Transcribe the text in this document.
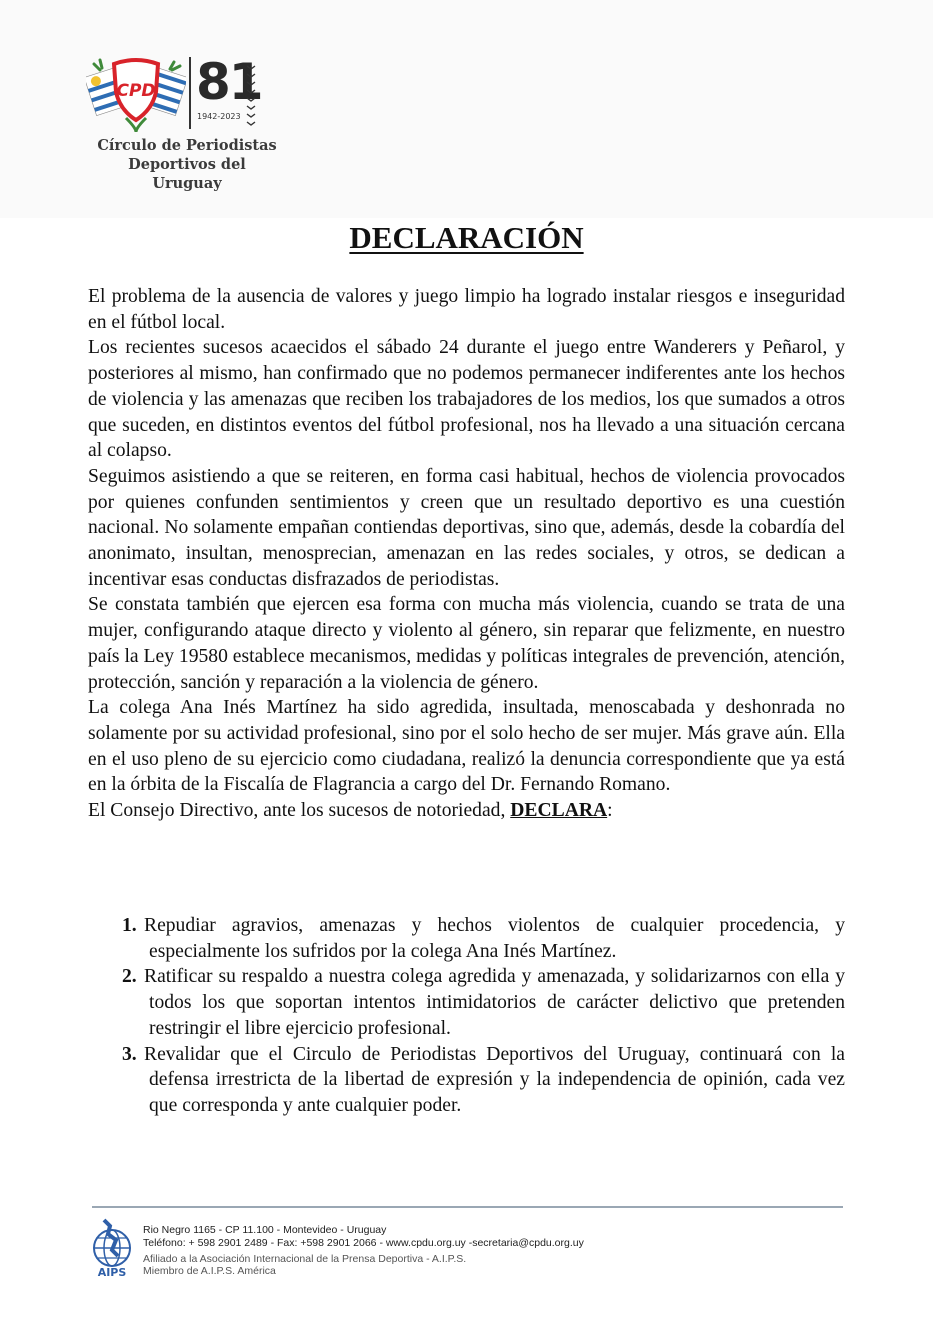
CPD 81
1942-2023
Círculo de Periodistas
Deportivos del Uruguay
DECLARACIÓN

El problema de la ausencia de valores y juego limpio ha logrado instalar riesgos e inseguridad en el fútbol local.

Los recientes sucesos acaecidos el sábado 24 durante el juego entre Wanderers y Peñarol, y posteriores al mismo, han confirmado que no podemos permanecer indiferentes ante los hechos de violencia y las amenazas que reciben los trabajadores de los medios, los que sumados a otros que suceden, en distintos eventos del fútbol profesional, nos ha llevado a una situación cercana al colapso.

Seguimos asistiendo a que se reiteren, en forma casi habitual, hechos de violencia provocados por quienes confunden sentimientos y creen que un resultado deportivo es una cuestión nacional. No solamente empañan contiendas deportivas, sino que, además, desde la cobardía del anonimato, insultan, menosprecian, amenazan en las redes sociales, y otros, se dedican a incentivar esas conductas disfrazados de periodistas.

Se constata también que ejercen esa forma con mucha más violencia, cuando se trata de una mujer, configurando ataque directo y violento al género, sin reparar que felizmente, en nuestro país la Ley 19580 establece mecanismos, medidas y políticas integrales de prevención, atención, protección, sanción y reparación a la violencia de género.

La colega Ana Inés Martínez ha sido agredida, insultada, menoscabada y deshonrada no solamente por su actividad profesional, sino por el solo hecho de ser mujer. Más grave aún. Ella en el uso pleno de su ejercicio como ciudadana, realizó la denuncia correspondiente que ya está en la órbita de la Fiscalía de Flagrancia a cargo del Dr. Fernando Romano.

El Consejo Directivo, ante los sucesos de notoriedad, DECLARA:

1. Repudiar agravios, amenazas y hechos violentos de cualquier procedencia, y especialmente los sufridos por la colega Ana Inés Martínez.
2. Ratificar su respaldo a nuestra colega agredida y amenazada, y solidarizarnos con ella y todos los que soportan intentos intimidatorios de carácter delictivo que pretenden restringir el libre ejercicio profesional.
3. Revalidar que el Circulo de Periodistas Deportivos del Uruguay, continuará con la defensa irrestricta de la libertad de expresión y la independencia de opinión, cada vez que corresponda y ante cualquier poder.
AIPS
Rio Negro 1165 - CP 11.100 - Montevideo - Uruguay
Teléfono: + 598 2901 2489 - Fax: +598 2901 2066 - www.cpdu.org.uy -secretaria@cpdu.org.uy
Afiliado a la Asociación Internacional de la Prensa Deportiva - A.I.P.S.
Miembro de A.I.P.S. América
